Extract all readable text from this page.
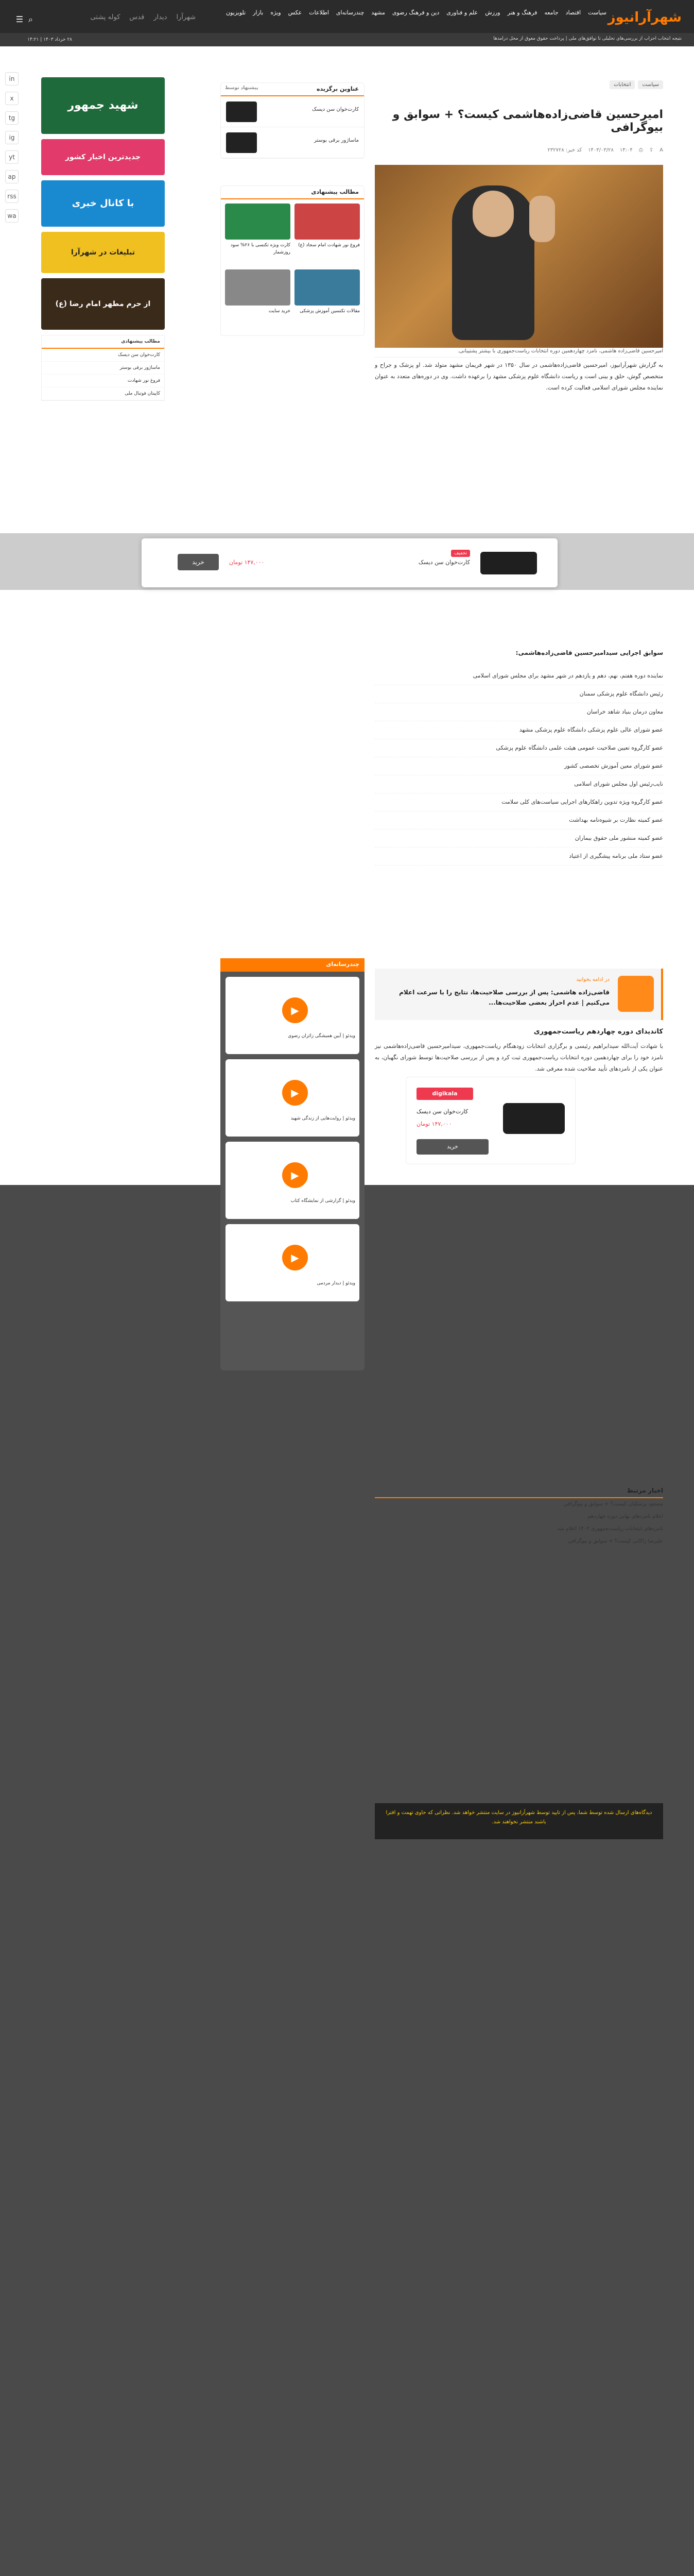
شهرآرانیوز
سیاست
اقتصاد
جامعه
فرهنگ و هنر
ورزش
علم و فناوری
دین و فرهنگ رضوی
مشهد
چندرسانه‌ای
اطلاعات
عکس
ویژه
بازار
تلویزیون
شهرآرا
دیدار
قدس
کوله پشتی
⌕
☰
نتیجه انتخاب احزاب از بررسی‌های تحلیلی تا توافق‌های ملی | پرداخت حقوق معوق از محل درآمدها
۲۸ خرداد ۱۴۰۳ | ۱۴:۲۱
in
x
tg
ig
yt
ap
rss
wa
سیاست
انتخابات
امیرحسین قاضی‌زاده‌هاشمی کیست؟ + سوابق و بیوگرافی
کد خبر: ۲۳۲۷۲۸ ۱۴۰۳/۰۳/۲۸ ۱۴:۰۴ ⎙ ⇪ A
امیرحسین قاضی‌زاده هاشمی، نامزد چهاردهمین دوره انتخابات ریاست‌جمهوری با بیشتر پشتیبانی.

به گزارش شهرآرانیوز، امیرحسین قاضی‌زاده‌هاشمی در سال ۱۳۵۰ در شهر فریمان مشهد متولد شد. او پزشک و جراح و متخصص گوش، حلق و بینی است و ریاست دانشگاه علوم پزشکی مشهد را برعهده داشت. وی در دوره‌های متعدد به عنوان نماینده مجلس شورای اسلامی فعالیت کرده است.

سوابق اجرایی سیدامیرحسین قاضی‌زاده‌هاشمی:
نماینده دوره هفتم، نهم، دهم و یازدهم در شهر مشهد برای مجلس شورای اسلامی
رئیس دانشگاه علوم پزشکی سمنان
معاون درمان بنیاد شاهد خراسان
عضو شورای عالی علوم پزشکی دانشگاه علوم پزشکی مشهد
عضو کارگروه تعیین صلاحیت عمومی هیئت علمی دانشگاه علوم پزشکی
عضو شورای معین آموزش تخصصی کشور
نایب‌رئیس اول مجلس شورای اسلامی
عضو کارگروه ویژه تدوین راهکارهای اجرایی سیاست‌های کلی سلامت
عضو کمیته نظارت بر شیوه‌نامه بهداشت
عضو کمیته منشور ملی حقوق بیماران
عضو ستاد ملی برنامه پیشگیری از اعتیاد
در ادامه بخوانید
قاضی‌زاده هاشمی: پس از بررسی صلاحیت‌ها، نتایج را با سرعت اعلام می‌کنیم | عدم احراز بعضی صلاحیت‌ها...
کاندیدای دوره چهاردهم ریاست‌جمهوری

با شهادت آیت‌الله سیدابراهیم رئیسی و برگزاری انتخابات زودهنگام ریاست‌جمهوری، سیدامیرحسین قاضی‌زاده‌هاشمی نیز نامزد خود را برای چهاردهمین دوره انتخابات ریاست‌جمهوری ثبت کرد و پس از بررسی صلاحیت‌ها توسط شورای نگهبان، به عنوان یکی از نامزدهای تأیید صلاحیت شده معرفی شد.

digikala
کارت‌خوان سن دیسک
۱۴۷,۰۰۰ تومان
خرید
عناوین برگزیده
پیشنهاد توسط
کارت‌خوان سن دیسک
ماساژور برقی بوستر
مطالب پیشنهادی
فروغ نور شهادت امام سجاد (ع)
کارت ویژه تکنسی با ۲۶% سود روزشمار
مقالات تکنسین آموزش پزشکی
خرید سایت
چندرسانه‌ای
▶
ویدئو | آیین همیشگی زائران رضوی
▶
ویدئو | روایت‌هایی از زندگی شهید
▶
ویدئو | گزارشی از نمایشگاه کتاب
▶
ویدئو | دیدار مردمی
شهید جمهور
جدیدترین اخبار کشور
با کانال خبری
تبلیغات در شهرآرا
از حرم مطهر امام رضا (ع)
مطالب پیشنهادی
کارت‌خوان سن دیسک
ماساژور برقی بوستر
فروغ نور شهادت
کاپیتان فوتبال ملی
تخفیف
کارت‌خوان سن دیسک
۱۴۷,۰۰۰ تومان
خرید
اخبار مرتبط
مسعود پزشکیان کیست؟ + سوابق و بیوگرافی
اعلام نامزدهای نهایی دوره چهاردهم
نامزدهای انتخابات ریاست‌جمهوری ۱۴۰۳ اعلام شد
علیرضا زاکانی کیست؟ + سوابق و بیوگرافی
دیدگاه‌های ارسال شده توسط شما، پس از تایید توسط شهرآرانیوز در سایت منتشر خواهد شد. نظراتی که حاوی تهمت و افترا باشند منتشر نخواهند شد.
